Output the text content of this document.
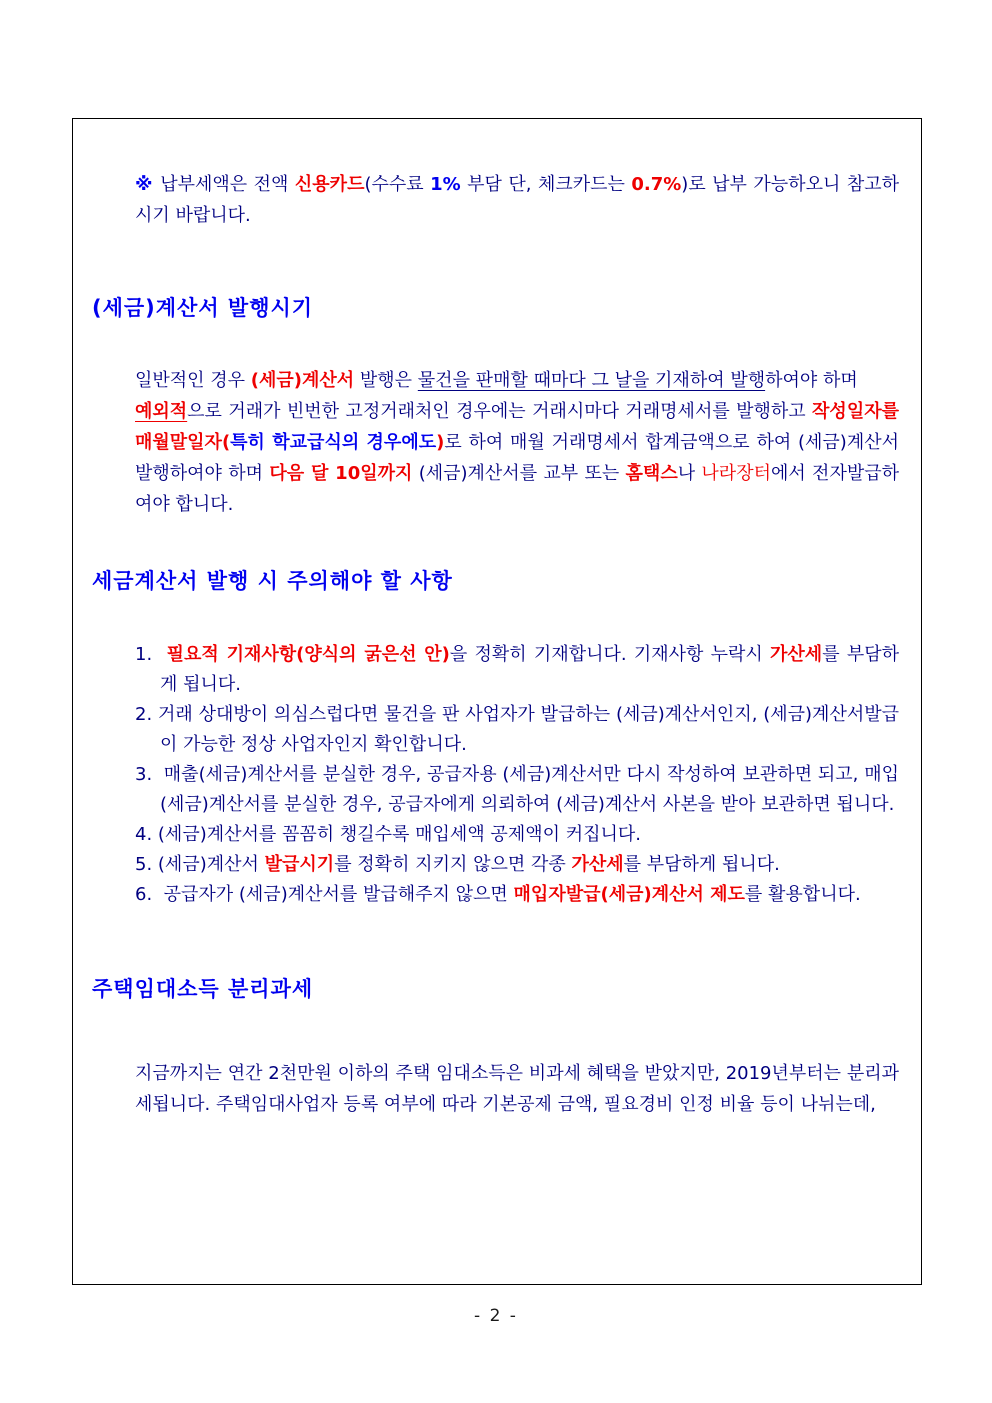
※ 납부세액은 전액 신용카드(수수료 1% 부담 단, 체크카드는 0.7%)로 납부 가능하오니 참고하시기 바랍니다.

(세금)계산서 발행시기

일반적인 경우 (세금)계산서 발행은 물건을 판매할 때마다 그 날을 기재하여 발행하여야 하며

예외적으로 거래가 빈번한 고정거래처인 경우에는 거래시마다 거래명세서를 발행하고 작성일자를 매월말일자(특히 학교급식의 경우에도)로 하여 매월 거래명세서 합계금액으로 하여 (세금)계산서 발행하여야 하며 다음 달 10일까지 (세금)계산서를 교부 또는 홈택스나 나라장터에서 전자발급하여야 합니다.

세금계산서 발행 시 주의해야 할 사항
1.  필요적 기재사항(양식의 굵은선 안)을 정확히 기재합니다. 기재사항 누락시 가산세를 부담하게 됩니다.
2. 거래 상대방이 의심스럽다면 물건을 판 사업자가 발급하는 (세금)계산서인지, (세금)계산서발급이 가능한 정상 사업자인지 확인합니다.
3.  매출(세금)계산서를 분실한 경우, 공급자용 (세금)계산서만 다시 작성하여 보관하면 되고, 매입(세금)계산서를 분실한 경우, 공급자에게 의뢰하여 (세금)계산서 사본을 받아 보관하면 됩니다.
4. (세금)계산서를 꼼꼼히 챙길수록 매입세액 공제액이 커집니다.
5. (세금)계산서 발급시기를 정확히 지키지 않으면 각종 가산세를 부담하게 됩니다.
6.  공급자가 (세금)계산서를 발급해주지 않으면 매입자발급(세금)계산서 제도를 활용합니다.
주택임대소득 분리과세

지금까지는 연간 2천만원 이하의 주택 임대소득은 비과세 혜택을 받았지만, 2019년부터는 분리과세됩니다. 주택임대사업자 등록 여부에 따라 기본공제 금액, 필요경비 인정 비율 등이 나뉘는데,

- 2 -
